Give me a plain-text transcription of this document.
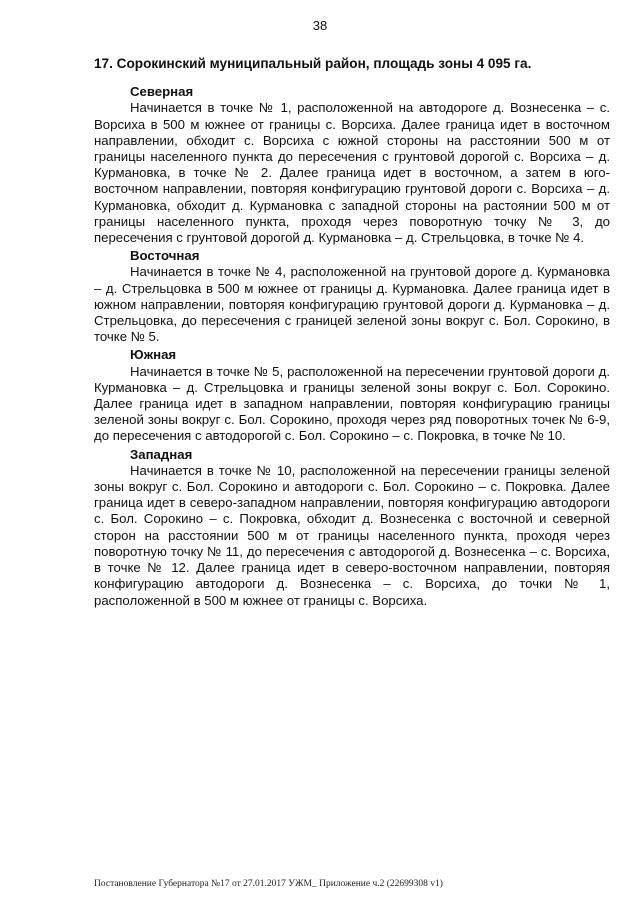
38
17. Сорокинский муниципальный район, площадь зоны 4 095 га.
Северная
Начинается в точке № 1, расположенной на автодороге д. Вознесенка – с. Ворсиха в 500 м южнее от границы с. Ворсиха. Далее граница идет в восточном направлении, обходит с. Ворсиха с южной стороны на расстоянии 500 м от границы населенного пункта до пересечения с грунтовой дорогой с. Ворсиха – д. Курмановка, в точке № 2. Далее граница идет в восточном, а затем в юго-восточном направлении, повторяя конфигурацию грунтовой дороги с. Ворсиха – д. Курмановка, обходит д. Курмановка с западной стороны на растоянии 500 м от границы населенного пункта, проходя через поворотную точку № 3, до пересечения с грунтовой дорогой д. Курмановка – д. Стрельцовка, в точке № 4.
Восточная
Начинается в точке № 4, расположенной на грунтовой дороге д. Курмановка – д. Стрельцовка в 500 м южнее от границы д. Курмановка. Далее граница идет в южном направлении, повторяя конфигурацию грунтовой дороги д. Курмановка – д. Стрельцовка, до пересечения с границей зеленой зоны вокруг с. Бол. Сорокино, в точке № 5.
Южная
Начинается в точке № 5, расположенной на пересечении грунтовой дороги д. Курмановка – д. Стрельцовка и границы зеленой зоны вокруг с. Бол. Сорокино. Далее граница идет в западном направлении, повторяя конфигурацию границы зеленой зоны вокруг с. Бол. Сорокино, проходя через ряд поворотных точек № 6-9, до пересечения с автодорогой с. Бол. Сорокино – с. Покровка, в точке № 10.
Западная
Начинается в точке № 10, расположенной на пересечении границы зеленой зоны вокруг с. Бол. Сорокино и автодороги с. Бол. Сорокино – с. Покровка. Далее граница идет в северо-западном направлении, повторяя конфигурацию автодороги с. Бол. Сорокино – с. Покровка, обходит д. Вознесенка с восточной и северной сторон на расстоянии 500 м от границы населенного пункта, проходя через поворотную точку № 11, до пересечения с автодорогой д. Вознесенка – с. Ворсиха, в точке № 12. Далее граница идет в северо-восточном направлении, повторяя конфигурацию автодороги д. Вознесенка – с. Ворсиха, до точки № 1, расположенной в 500 м южнее от границы с. Ворсиха.
Постановление Губернатора №17 от 27.01.2017 УЖМ_ Приложение ч.2 (22699308 v1)
